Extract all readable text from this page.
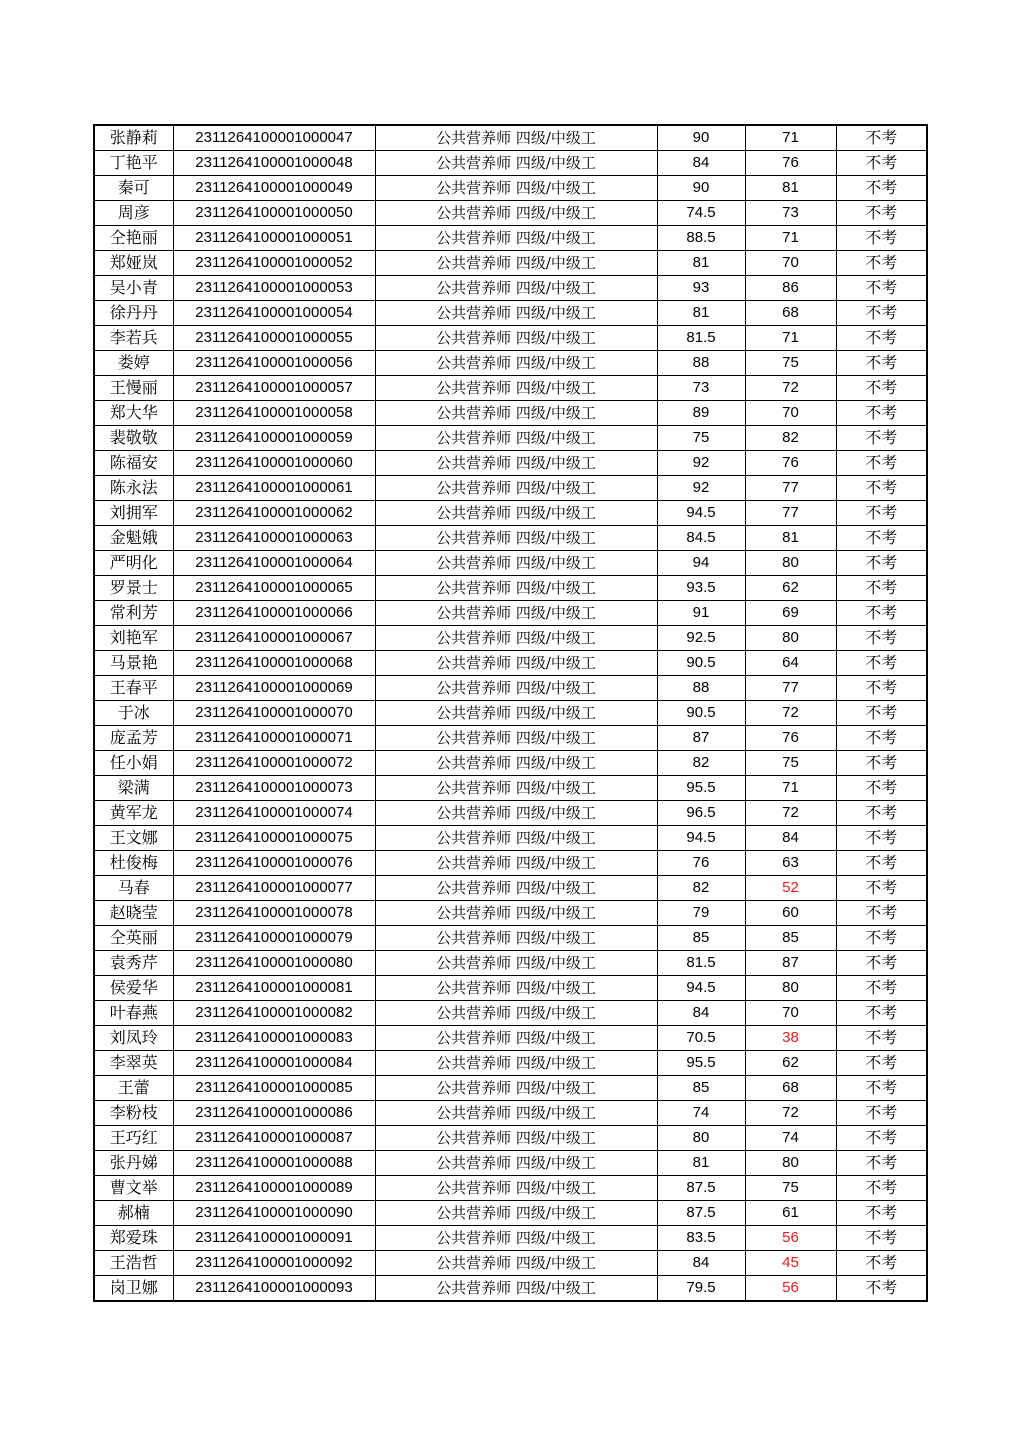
张静莉	2311264100001000047	公共营养师 四级/中级工	90	71	不考
丁艳平	2311264100001000048	公共营养师 四级/中级工	84	76	不考
秦可	2311264100001000049	公共营养师 四级/中级工	90	81	不考
周彦	2311264100001000050	公共营养师 四级/中级工	74.5	73	不考
仝艳丽	2311264100001000051	公共营养师 四级/中级工	88.5	71	不考
郑娅岚	2311264100001000052	公共营养师 四级/中级工	81	70	不考
吴小青	2311264100001000053	公共营养师 四级/中级工	93	86	不考
徐丹丹	2311264100001000054	公共营养师 四级/中级工	81	68	不考
李若兵	2311264100001000055	公共营养师 四级/中级工	81.5	71	不考
娄婷	2311264100001000056	公共营养师 四级/中级工	88	75	不考
王慢丽	2311264100001000057	公共营养师 四级/中级工	73	72	不考
郑大华	2311264100001000058	公共营养师 四级/中级工	89	70	不考
裴敬敬	2311264100001000059	公共营养师 四级/中级工	75	82	不考
陈福安	2311264100001000060	公共营养师 四级/中级工	92	76	不考
陈永法	2311264100001000061	公共营养师 四级/中级工	92	77	不考
刘拥军	2311264100001000062	公共营养师 四级/中级工	94.5	77	不考
金魁娥	2311264100001000063	公共营养师 四级/中级工	84.5	81	不考
严明化	2311264100001000064	公共营养师 四级/中级工	94	80	不考
罗景士	2311264100001000065	公共营养师 四级/中级工	93.5	62	不考
常利芳	2311264100001000066	公共营养师 四级/中级工	91	69	不考
刘艳军	2311264100001000067	公共营养师 四级/中级工	92.5	80	不考
马景艳	2311264100001000068	公共营养师 四级/中级工	90.5	64	不考
王春平	2311264100001000069	公共营养师 四级/中级工	88	77	不考
于冰	2311264100001000070	公共营养师 四级/中级工	90.5	72	不考
庞孟芳	2311264100001000071	公共营养师 四级/中级工	87	76	不考
任小娟	2311264100001000072	公共营养师 四级/中级工	82	75	不考
梁满	2311264100001000073	公共营养师 四级/中级工	95.5	71	不考
黄军龙	2311264100001000074	公共营养师 四级/中级工	96.5	72	不考
王文娜	2311264100001000075	公共营养师 四级/中级工	94.5	84	不考
杜俊梅	2311264100001000076	公共营养师 四级/中级工	76	63	不考
马春	2311264100001000077	公共营养师 四级/中级工	82	52	不考
赵晓莹	2311264100001000078	公共营养师 四级/中级工	79	60	不考
仝英丽	2311264100001000079	公共营养师 四级/中级工	85	85	不考
袁秀芹	2311264100001000080	公共营养师 四级/中级工	81.5	87	不考
侯爱华	2311264100001000081	公共营养师 四级/中级工	94.5	80	不考
叶春燕	2311264100001000082	公共营养师 四级/中级工	84	70	不考
刘凤玲	2311264100001000083	公共营养师 四级/中级工	70.5	38	不考
李翠英	2311264100001000084	公共营养师 四级/中级工	95.5	62	不考
王蕾	2311264100001000085	公共营养师 四级/中级工	85	68	不考
李粉枝	2311264100001000086	公共营养师 四级/中级工	74	72	不考
王巧红	2311264100001000087	公共营养师 四级/中级工	80	74	不考
张丹娣	2311264100001000088	公共营养师 四级/中级工	81	80	不考
曹文举	2311264100001000089	公共营养师 四级/中级工	87.5	75	不考
郝楠	2311264100001000090	公共营养师 四级/中级工	87.5	61	不考
郑爱珠	2311264100001000091	公共营养师 四级/中级工	83.5	56	不考
王浩哲	2311264100001000092	公共营养师 四级/中级工	84	45	不考
岗卫娜	2311264100001000093	公共营养师 四级/中级工	79.5	56	不考
